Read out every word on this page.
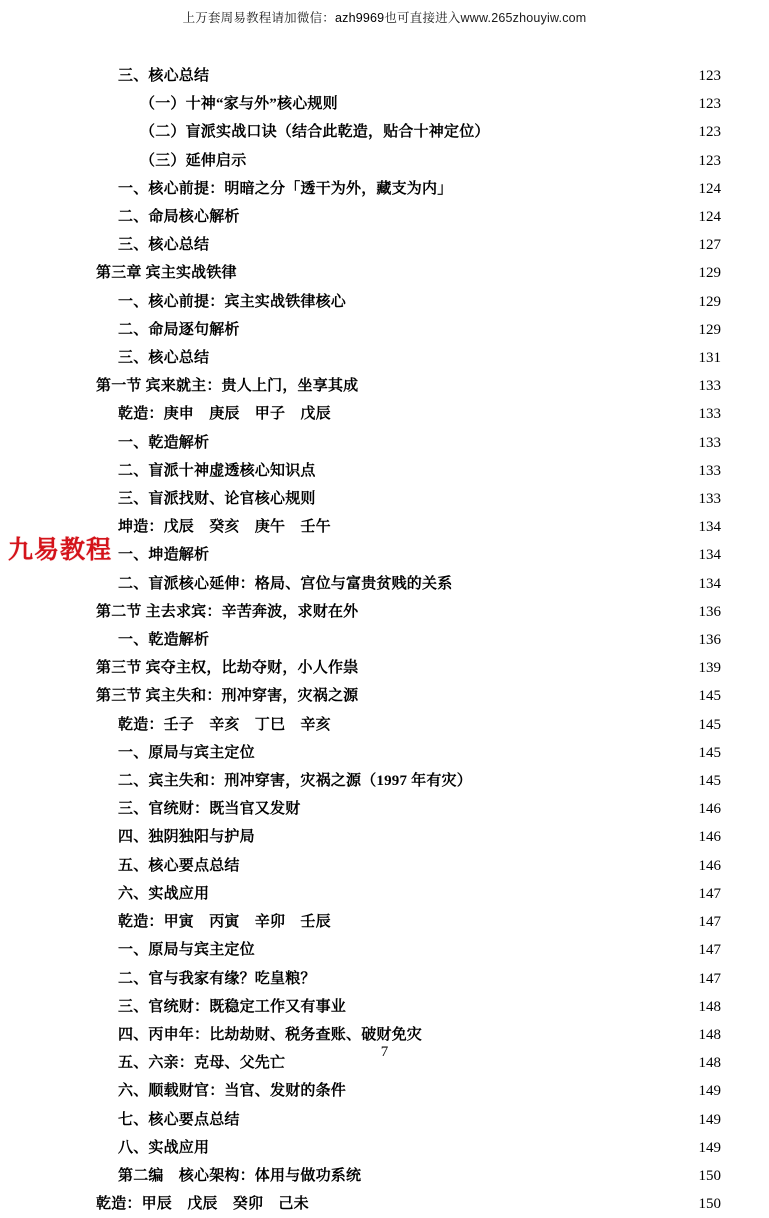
上万套周易教程请加微信：azh9969也可直接进入www.265zhouyiw.com
三、核心总结 .....	123
（一）十神“家与外”核心规则 .....	123
（二）盲派实战口诀（结合此乾造，贴合十神定位） .....	123
（三）延伸启示 .....	123
一、核心前提：明暗之分「透干为外，藏支为内」 .....	124
二、命局核心解析 .....	124
三、核心总结 .....	127
第三章 宾主实战铁律 .....	129
一、核心前提：宾主实战铁律核心 .....	129
二、命局逐句解析 .....	129
三、核心总结 .....	131
第一节 宾来就主：贵人上门，坐享其成 .....	133
乾造：庚申　庚辰　甲子　戊辰 .....	133
一、乾造解析 .....	133
二、盲派十神虚透核心知识点 .....	133
三、盲派找财、论官核心规则 .....	133
坤造：戊辰　癸亥　庚午　壬午 .....	134
一、坤造解析 .....	134
二、盲派核心延伸：格局、宫位与富贵贫贱的关系 .....	134
第二节 主去求宾：辛苦奔波，求财在外 .....	136
一、乾造解析 .....	136
第三节 宾夺主权，比劫夺财，小人作祟 .....	139
第三节 宾主失和：刑冲穿害，灾祸之源 .....	145
乾造：壬子　辛亥　丁巳　辛亥 .....	145
一、原局与宾主定位 .....	145
二、宾主失和：刑冲穿害，灾祸之源（1997 年有灾） .....	145
三、官统财：既当官又发财 .....	146
四、独阴独阳与护局 .....	146
五、核心要点总结 .....	146
六、实战应用 .....	147
乾造：甲寅　丙寅　辛卯　壬辰 .....	147
一、原局与宾主定位 .....	147
二、官与我家有缘？吃皇粮？ .....	147
三、官统财：既稳定工作又有事业 .....	148
四、丙申年：比劫劫财、税务查账、破财免灾 .....	148
五、六亲：克母、父先亡 .....	148
六、顺载财官：当官、发财的条件 .....	149
七、核心要点总结 .....	149
八、实战应用 .....	149
第二编　核心架构：体用与做功系统 .....	150
乾造：甲辰　戊辰　癸卯　己未 .....	150
九易教程
7
